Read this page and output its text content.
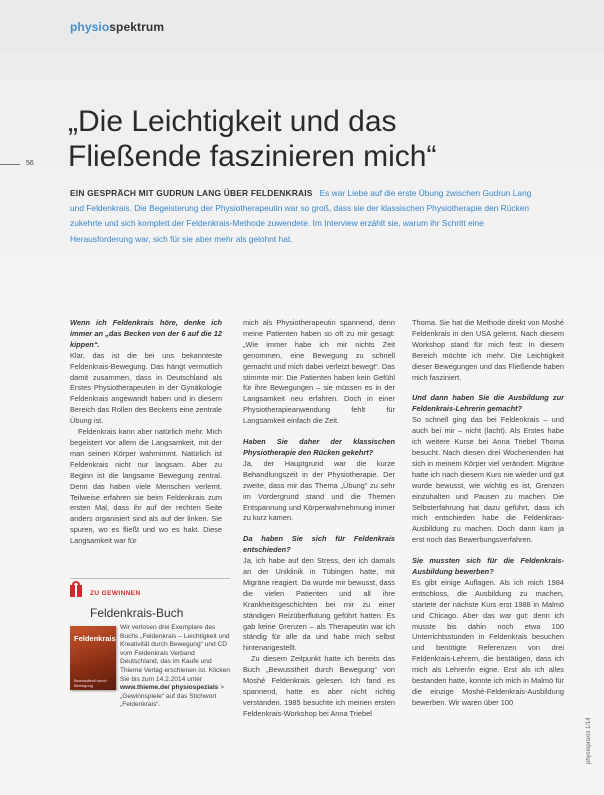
physiospektrum
56
„Die Leichtigkeit und das
Fließende faszinieren mich“
EIN GESPRÄCH MIT GUDRUN LANG ÜBER FELDENKRAIS Es war Liebe auf die erste Übung zwischen Gudrun Lang und Feldenkrais. Die Begeisterung der Physiotherapeutin war so groß, dass sie der klassischen Physiotherapie den Rücken zukehrte und sich komplett der Feldenkrais-Methode zuwendete. Im Interview erzählt sie, warum ihr Schritt eine Herausforderung war, sich für sie aber mehr als gelohnt hat.

Wenn ich Feldenkrais höre, denke ich immer an „das Becken von der 6 auf die 12 kippen“.

Klar, das ist die bei uns bekannteste Feldenkrais-Bewegung. Das hängt vermutlich damit zusammen, dass in Deutschland als Erstes Physiotherapeuten in der Gynäkologie Feldenkrais angewandt haben und in diesem Bereich das Rollen des Beckens eine zentrale Übung ist.

Feldenkrais kann aber natürlich mehr. Mich begeistert vor allem die Langsamkeit, mit der man seinen Körper wahrnimmt. Natürlich ist Feldenkrais nicht nur langsam. Aber zu Beginn ist die langsame Bewegung zentral. Denn das haben viele Menschen verlernt. Teilweise erfahren sie beim Feldenkrais zum ersten Mal, dass ihr auf der rechten Seite anders organisiert sind als auf der linken. Sie spuren, wo es fließt und wo es hakt. Diese Langsamkeit war für

mich als Physiotherapeutin spannend, denn meine Patienten haben so oft zu mir gesagt: „Wie immer habe ich mir nichts Zeit genommen, eine Bewegung zu schnell gemacht und mich dabei verletzt bewegt“. Das stimmte mir: Die Patienten haben kein Gefühl für ihre Bewegungen – sie müssen es in der Langsamkeit neu erfahren. Doch in einer Physiotherapieanwendung fehlt für Langsamkeit einfach die Zeit.

Haben Sie daher der klassischen Physiotherapie den Rücken gekehrt?

Ja, der Hauptgrund war die kurze Behandlungszeit in der Physiotherapie. Der zweite, dass mir das Thema „Übung“ zu sehr im Vordergrund stand und die Themen Entspannung und Körperwahrnehmung immer zu kurz kamen.

Da haben Sie sich für Feldenkrais entschieden?

Ja, ich habe auf den Stress, den ich damals an der Uniklinik in Tübingen hatte, mit Migräne reagiert. Da wurde mir bewusst, dass die vielen Patienten und all ihre Krankheitsgeschichten bei mir zu einer ständigen Reizüberflutung geführt hatten. Es gab keine Grenzen – als Therapeutin war ich ständig für alle da und habe mich selbst hintenangestellt.

Zu diesem Zeitpunkt hatte ich bereits das Buch „Bewusstheit durch Bewegung“ von Moshé Feldenkrais gelesen. Ich fand es spannend, hatte es aber nicht richtig verstanden. 1985 besuchte ich meinen ersten Feldenkrais-Workshop bei Anna Triebel

Thoma. Sie hat die Methode direkt von Moshé Feldenkrais in den USA gelernt. Nach diesem Workshop stand für mich fest: In diesem Bereich möchte ich mehr. Die Leichtigkeit dieser Bewegungen und das Fließende haben mich fasziniert.

Und dann haben Sie die Ausbildung zur Feldenkrais-Lehrerin gemacht?

So schnell ging das bei Feldenkrais – und auch bei mir – nicht (lacht). Als Erstes habe ich weitere Kurse bei Anna Triebel Thoma besucht. Nach diesen drei Wochenenden hat sich in meinem Körper viel verändert. Migräne hatte ich nach diesem Kurs nie wieder und gut wurde bewusst, wie wichtig es ist, Grenzen einzuhalten und Pausen zu machen. Die Selbsterfahrung hat dazu geführt, dass ich mich entschieden habe die Feldenkrais-Ausbildung zu machen. Doch dann kam ja erst noch das Bewerbungsverfahren.

Sie mussten sich für die Feldenkrais-Ausbildung bewerben?

Es gibt einige Auflagen. Als ich mich 1984 entschloss, die Ausbildung zu machen, startete der nächste Kurs erst 1988 in Malmö und Chicago. Aber das war gut: denn ich musste bis dahin noch etwa 100 Unterrichtsstunden in Feldenkrais besuchen und benötigte Referenzen von drei Feldenkrais-Lehrern, die bestätigen, dass ich mich als Lehrer/in eigne. Erst als ich alles bestanden hatte, konnte ich mich in Malmö für die einzige Moshé-Feldenkrais-Ausbildung bewerben. Wir waren über 100

ZU GEWINNEN
Feldenkrais-Buch
Feldenkrais
Bewusstheit durch Bewegung
Wir verlosen drei Exemplare des Buchs „Feldenkrais – Leichtigkeit und Kreativität durch Bewegung“ und CD vom Feldenkrais Verband Deutschland, das im Kaufe und Thieme Verlag erschienen ist. Klicken Sie bis zum 14.2.2014 unter www.thieme.de/ physiospezials > „Gewinnspiele“ auf das Stichwort „Feldenkrais“.
physiopraxis 1/14
